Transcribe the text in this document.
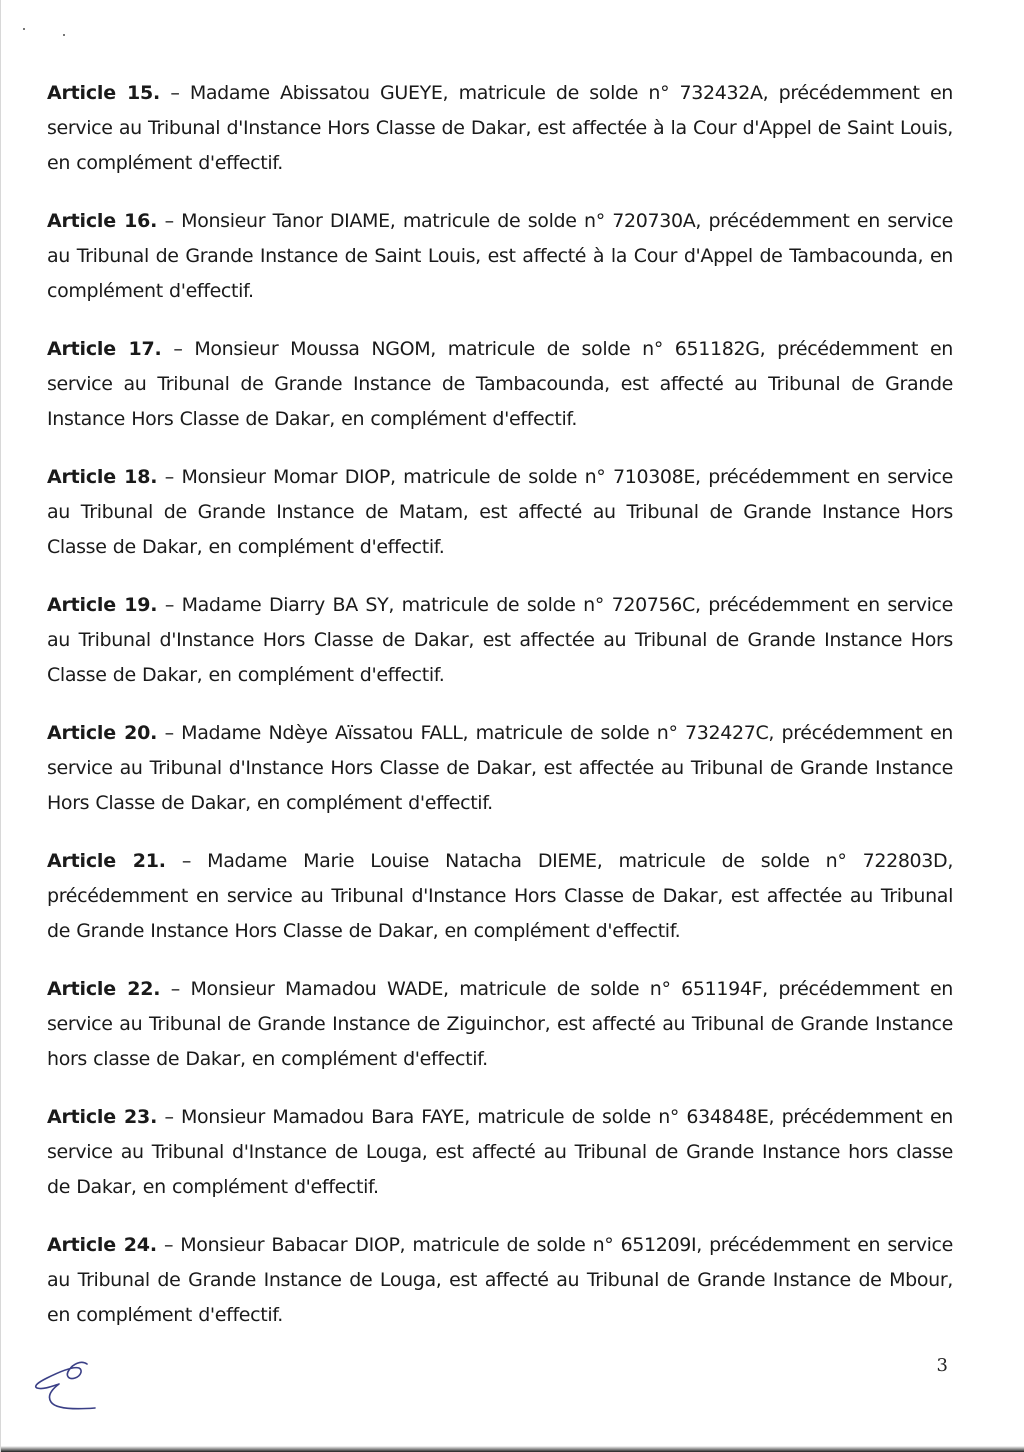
Article 15. – Madame Abissatou GUEYE, matricule de solde n° 732432A, précédemment en service au Tribunal d'Instance Hors Classe de Dakar, est affectée à la Cour d'Appel de Saint Louis, en complément d'effectif.

Article 16. – Monsieur Tanor DIAME, matricule de solde n° 720730A, précédemment en service au Tribunal de Grande Instance de Saint Louis, est affecté à la Cour d'Appel de Tambacounda, en complément d'effectif.

Article 17. – Monsieur Moussa NGOM, matricule de solde n° 651182G, précédemment en service au Tribunal de Grande Instance de Tambacounda, est affecté au Tribunal de Grande Instance Hors Classe de Dakar, en complément d'effectif.

Article 18. – Monsieur Momar DIOP, matricule de solde n° 710308E, précédemment en service au Tribunal de Grande Instance de Matam, est affecté au Tribunal de Grande Instance Hors Classe de Dakar, en complément d'effectif.

Article 19. – Madame Diarry BA SY, matricule de solde n° 720756C, précédemment en service au Tribunal d'Instance Hors Classe de Dakar, est affectée au Tribunal de Grande Instance Hors Classe de Dakar, en complément d'effectif.

Article 20. – Madame Ndèye Aïssatou FALL, matricule de solde n° 732427C, précédemment en service au Tribunal d'Instance Hors Classe de Dakar, est affectée au Tribunal de Grande Instance Hors Classe de Dakar, en complément d'effectif.

Article 21. – Madame Marie Louise Natacha DIEME, matricule de solde n° 722803D, précédemment en service au Tribunal d'Instance Hors Classe de Dakar, est affectée au Tribunal de Grande Instance Hors Classe de Dakar, en complément d'effectif.

Article 22. – Monsieur Mamadou WADE, matricule de solde n° 651194F, précédemment en service au Tribunal de Grande Instance de Ziguinchor, est affecté au Tribunal de Grande Instance hors classe de Dakar, en complément d'effectif.

Article 23. – Monsieur Mamadou Bara FAYE, matricule de solde n° 634848E, précédemment en service au Tribunal d'Instance de Louga, est affecté au Tribunal de Grande Instance hors classe de Dakar, en complément d'effectif.

Article 24. – Monsieur Babacar DIOP, matricule de solde n° 651209I, précédemment en service au Tribunal de Grande Instance de Louga, est affecté au Tribunal de Grande Instance de Mbour, en complément d'effectif.

3
